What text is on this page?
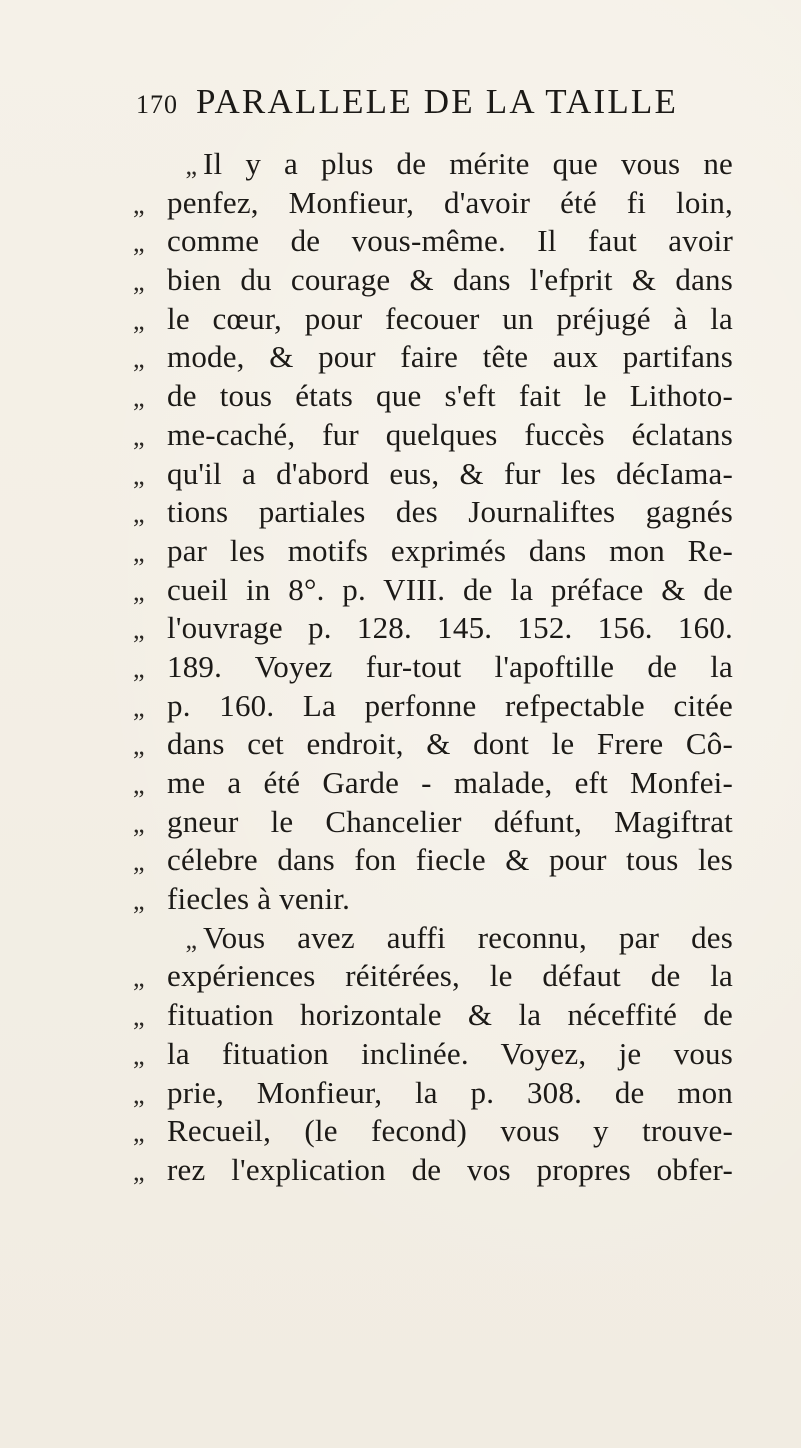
170 PARALLELE DE LA TAILLE
„ Il y a plus de mérite que vous ne
„ penfez, Monfieur, d'avoir été fi loin,
„ comme de vous-même. Il faut avoir
„ bien du courage & dans l'efprit & dans
„ le cœur, pour fecouer un préjugé à la
„ mode, & pour faire tête aux partifans
„ de tous états que s'eft fait le Lithoto-
„ me-caché, fur quelques fuccès éclatans
„ qu'il a d'abord eus, & fur les décIama-
„ tions partiales des Journaliftes gagnés
„ par les motifs exprimés dans mon Re-
„ cueil in 8°. p. VIII. de la préface & de
„ l'ouvrage p. 128. 145. 152. 156. 160.
„ 189. Voyez fur-tout l'apoftille de la
„ p. 160. La perfonne refpectable citée
„ dans cet endroit, & dont le Frere Cô-
„ me a été Garde - malade, eft Monfei-
„ gneur le Chancelier défunt, Magiftrat
„ célebre dans fon fiecle & pour tous les
„ fiecles à venir.
„ Vous avez auffi reconnu, par des
„ expériences réitérées, le défaut de la
„ fituation horizontale & la néceffité de
„ la fituation inclinée. Voyez, je vous
„ prie, Monfieur, la p. 308. de mon
„ Recueil, (le fecond) vous y trouve-
„ rez l'explication de vos propres obfer-
